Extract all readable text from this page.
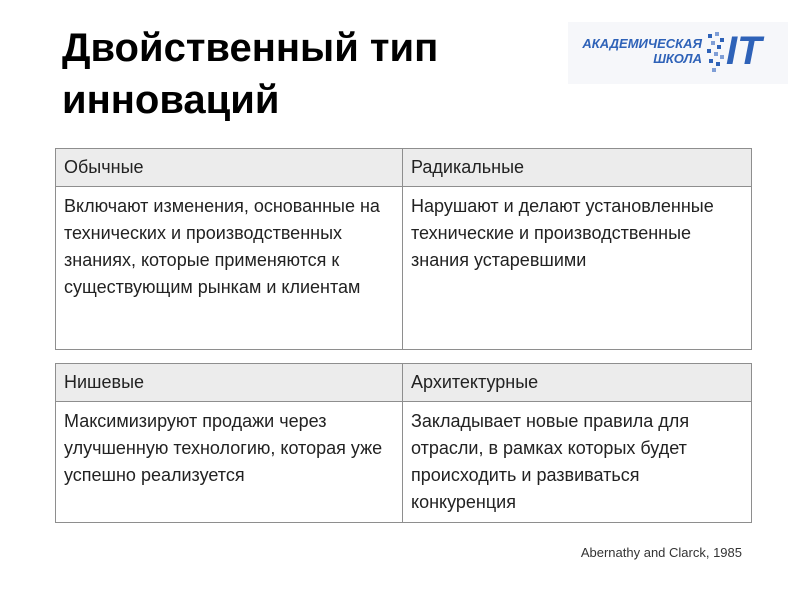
Двойственный тип инноваций
АКАДЕМИЧЕСКАЯ
ШКОЛА IT
Обычные	Радикальные
Включают изменения, основанные на технических и производственных знаниях, которые применяются к существующим рынкам и клиентам	Нарушают и делают установленные технические и производственные знания устаревшими
Нишевые	Архитектурные
Максимизируют продажи через улучшенную технологию, которая уже успешно реализуется	Закладывает новые правила для отрасли, в рамках которых будет происходить и развиваться конкуренция
Abernathy and Clarck, 1985
